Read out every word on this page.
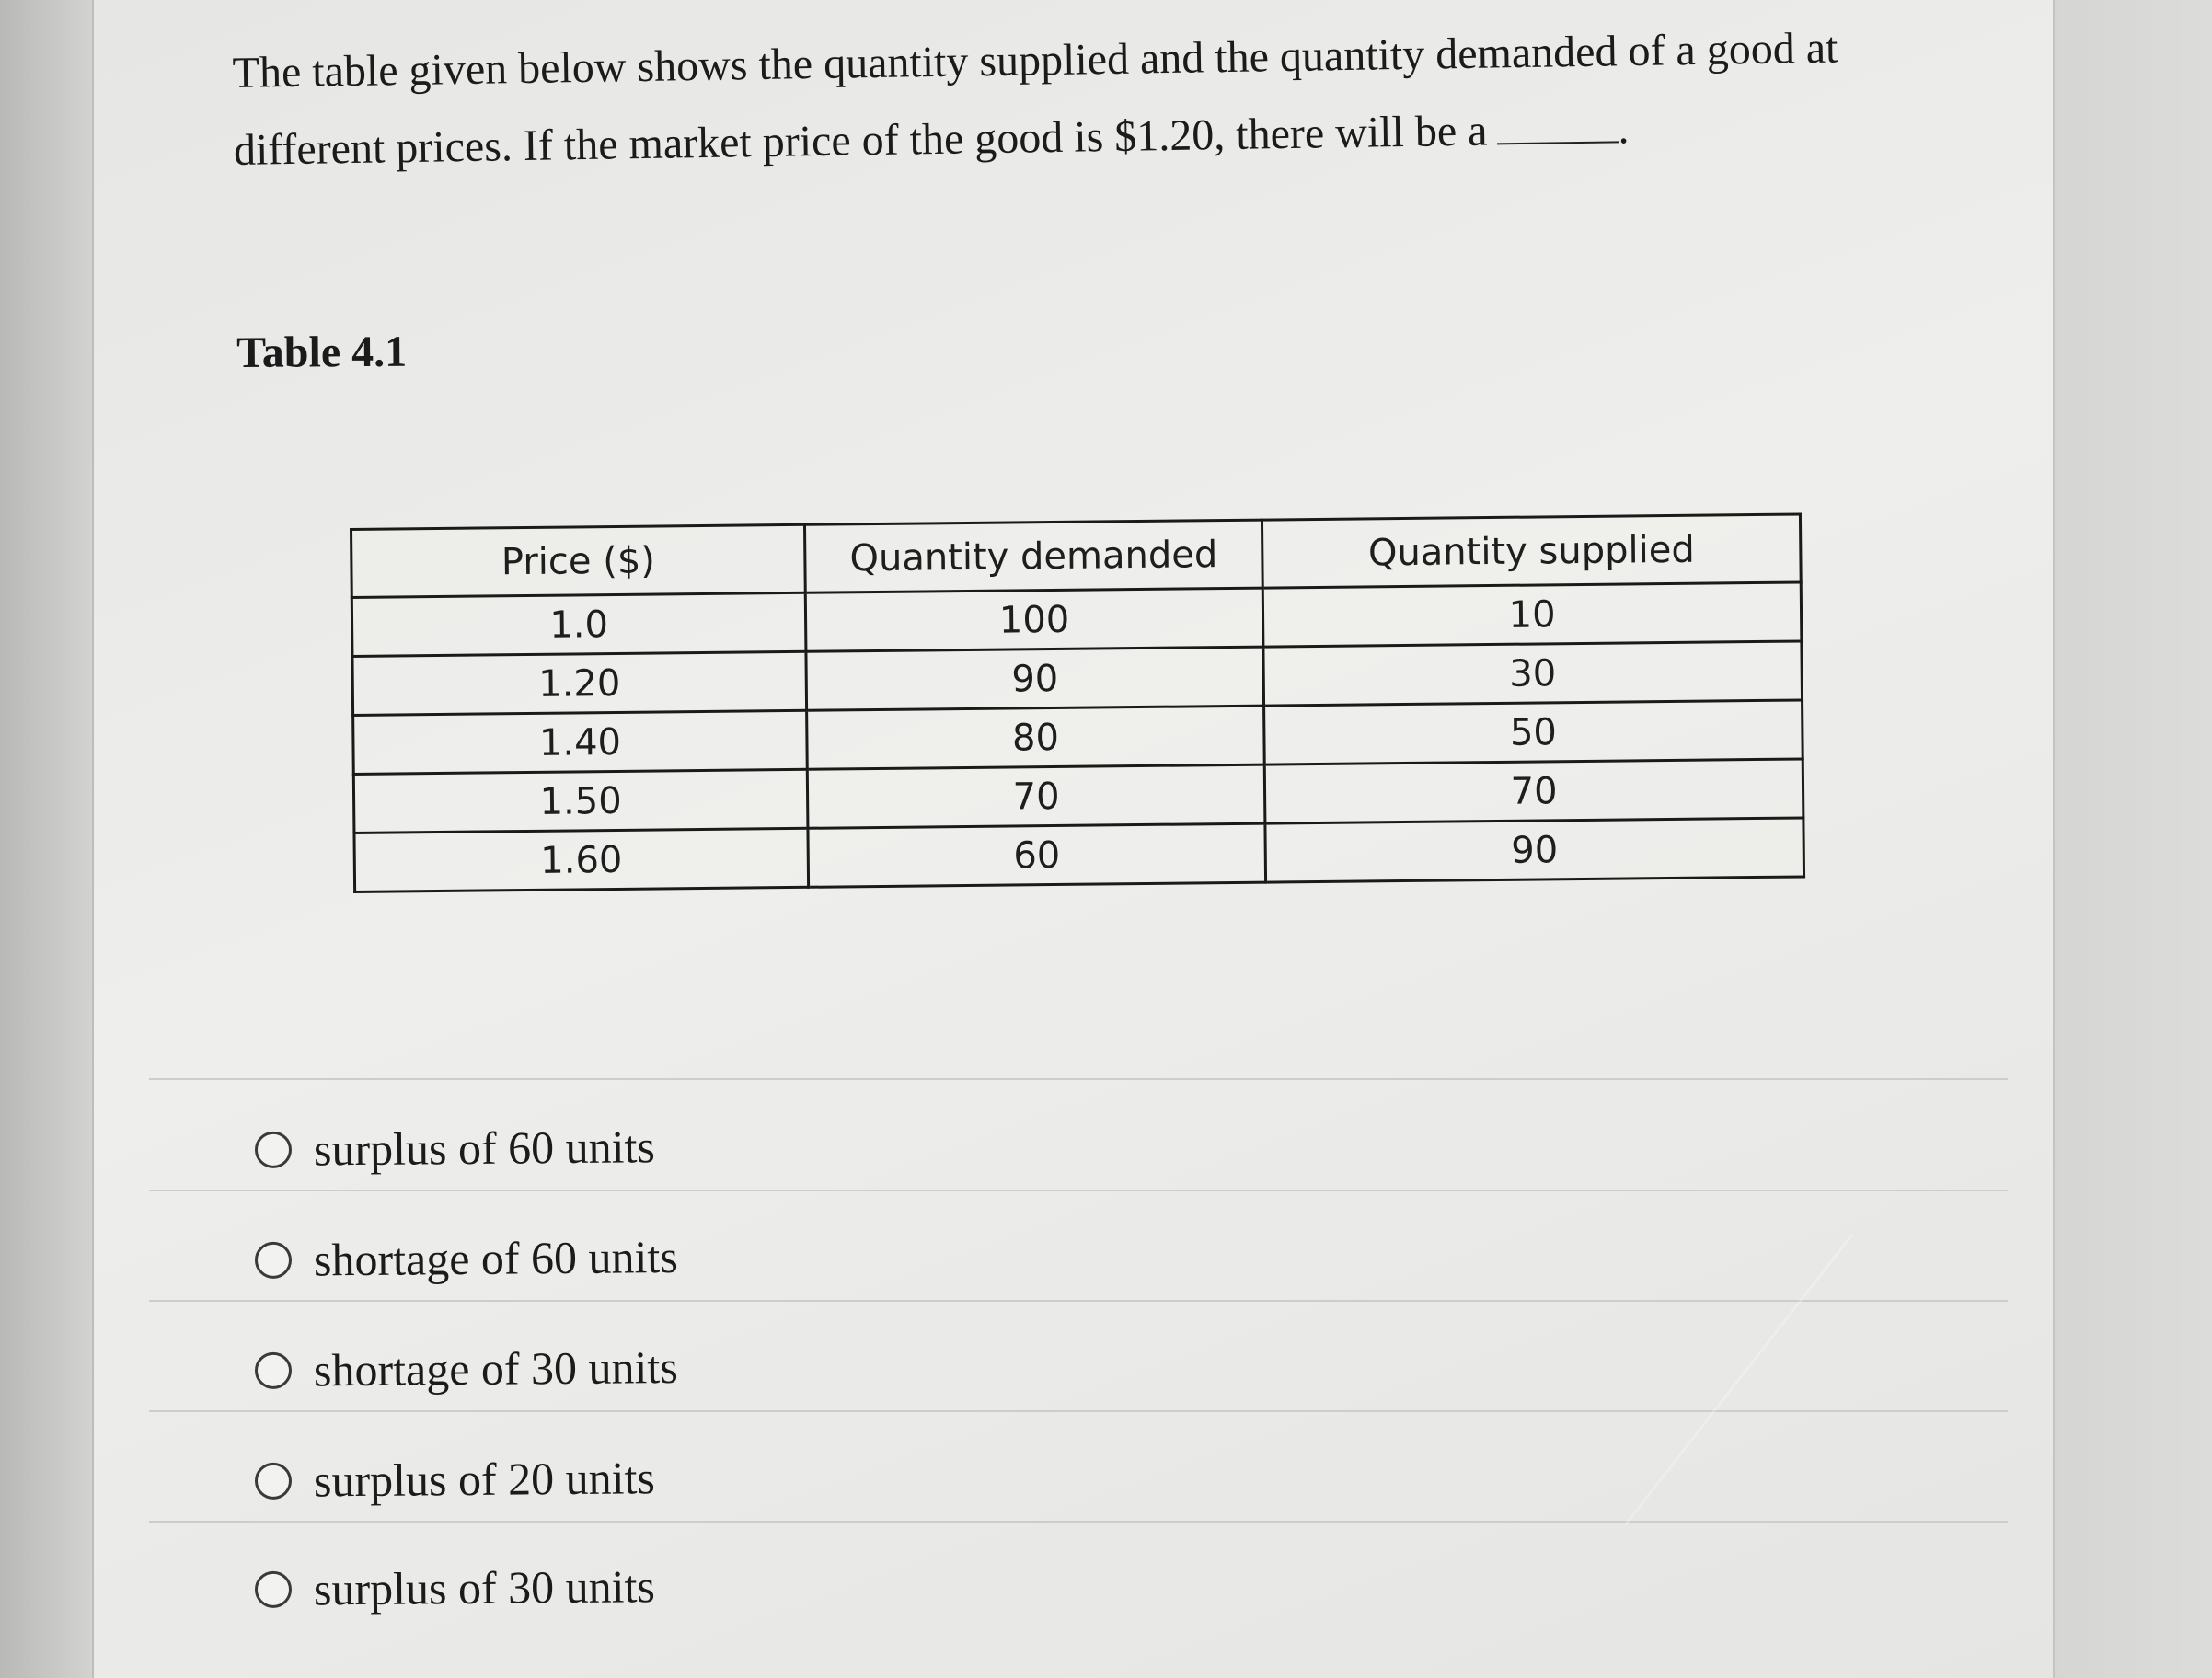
The table given below shows the quantity supplied and the quantity demanded of a good at
different prices. If the market price of the good is $1.20, there will be a	.
Table 4.1
Price ($)	Quantity demanded	Quantity supplied
1.0	100	10
1.20	90	30
1.40	80	50
1.50	70	70
1.60	60	90
surplus of 60 units
shortage of 60 units
shortage of 30 units
surplus of 20 units
surplus of 30 units
